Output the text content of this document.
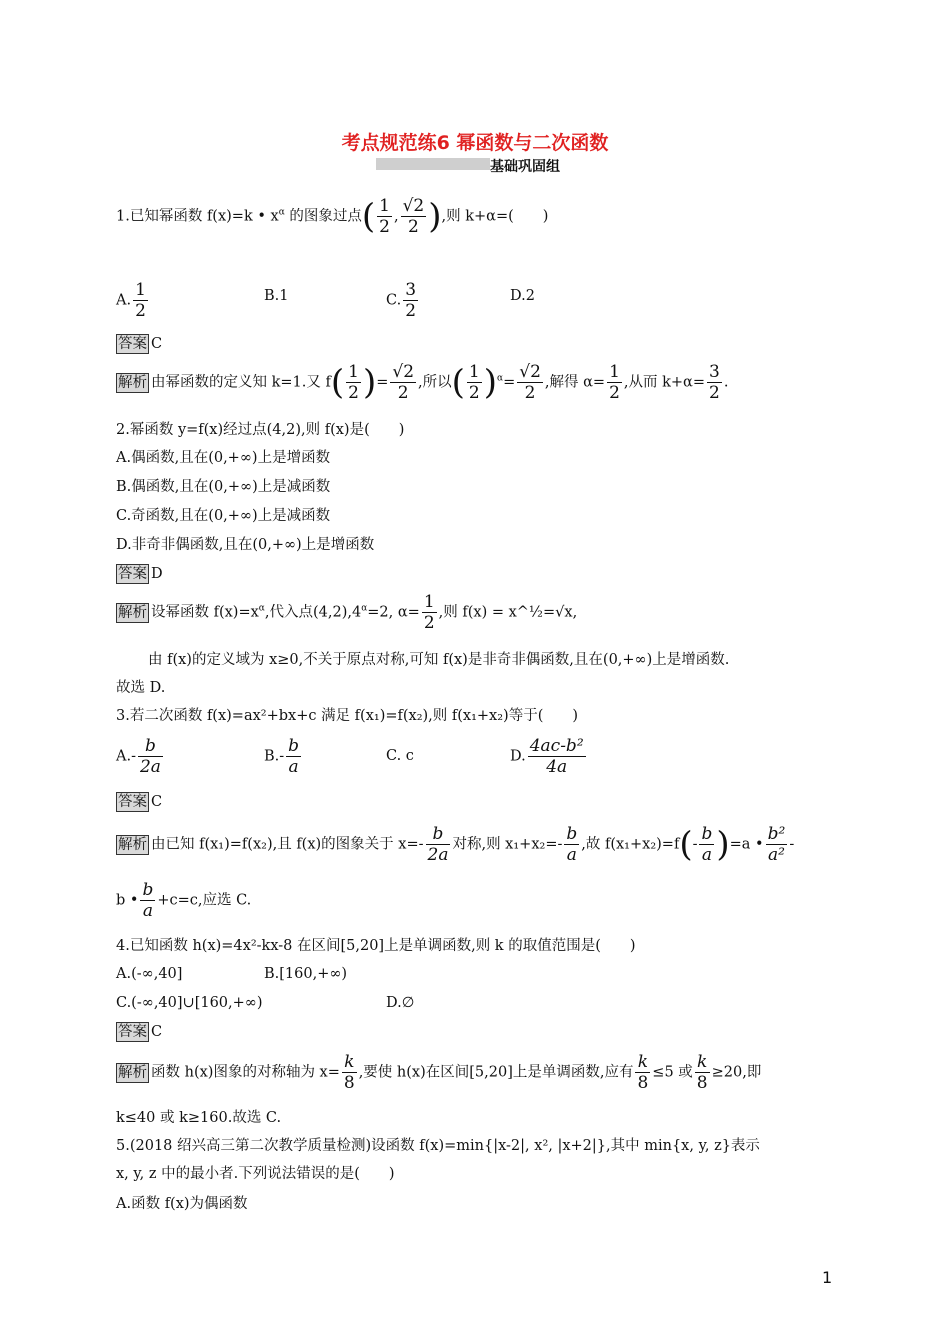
考点规范练6 幂函数与二次函数
基础巩固组
1.已知幂函数 f(x)=k • $x^\alpha$ 的图象过点( $\frac{1}{2}$ , $\frac{√2}{2}$ ),则 k+α=(　　)
A. $\frac{1}{2}$	B.1	C. $\frac{3}{2}$	D.2
答案 C
解析 由幂函数的定义知 k=1.又 $f( \frac{1}{2}$ )= $\frac{√2}{2}$ ,所以( $\frac{1}{2} )^\alpha= \frac{√2}{2}$ ,解得 $\alpha= \frac{1}{2}$ ,从而 $k+\alpha= \frac{3}{2}$ .
2.幂函数 y=f(x)经过点(4,2),则 f(x)是(　　)
A.偶函数,且在(0,+∞)上是增函数
B.偶函数,且在(0,+∞)上是减函数
C.奇函数,且在(0,+∞)上是减函数
D.非奇非偶函数,且在(0,+∞)上是增函数
答案 D
解析 设幂函数 $f(x)=x^\alpha$,代入点$(4,2),4^\alpha=2$, $\alpha= \frac{1}{2}$ ,则 f(x) = x^½=√x,
由 f(x)的定义域为 x≥0,不关于原点对称,可知 f(x)是非奇非偶函数,且在(0,+∞)上是增函数.
故选 D.
3.若二次函数 f(x)=ax²+bx+c 满足 f(x₁)=f(x₂),则 f(x₁+x₂)等于(　　)
$A.- \frac{b}{2a}$	$B.- \frac{b}{a}$	C. c	D. $\frac{\text{4ac-b²}}{4a}$
答案 C
解析 由已知 f(x₁)=f(x₂),且 f(x)的图象关于 $x=- \frac{b}{2a}$ 对称,则 $x_1+x_2=- \frac{b}{a}$ ,故 $f(x_1+x_2)=f(- \frac{b}{a} )=a$ • $\frac{\text{b²}}{\text{a²}}$ -
b • $\frac{b}{a} +c=c$,应选 C.
4.已知函数 h(x)=4x²-kx-8 在区间[5,20]上是单调函数,则 k 的取值范围是(　　)
A.(-∞,40]	B.[160,+∞)
C.(-∞,40]∪[160,+∞)	D.∅
答案 C
解析 函数 h(x)图象的对称轴为 $x= \frac{k}{8}$ ,要使 h(x)在区间[5,20]上是单调函数,应有 $\frac{k}{8} \le 5$ 或 $\frac{k}{8} \ge 20$,即
k≤40 或 k≥160.故选 C.
5.(2018 绍兴高三第二次教学质量检测)设函数 f(x)=min{|x-2|, x², |x+2|},其中 min{x, y, z}表示
x, y, z 中的最小者.下列说法错误的是(　　)
A.函数 f(x)为偶函数
1
